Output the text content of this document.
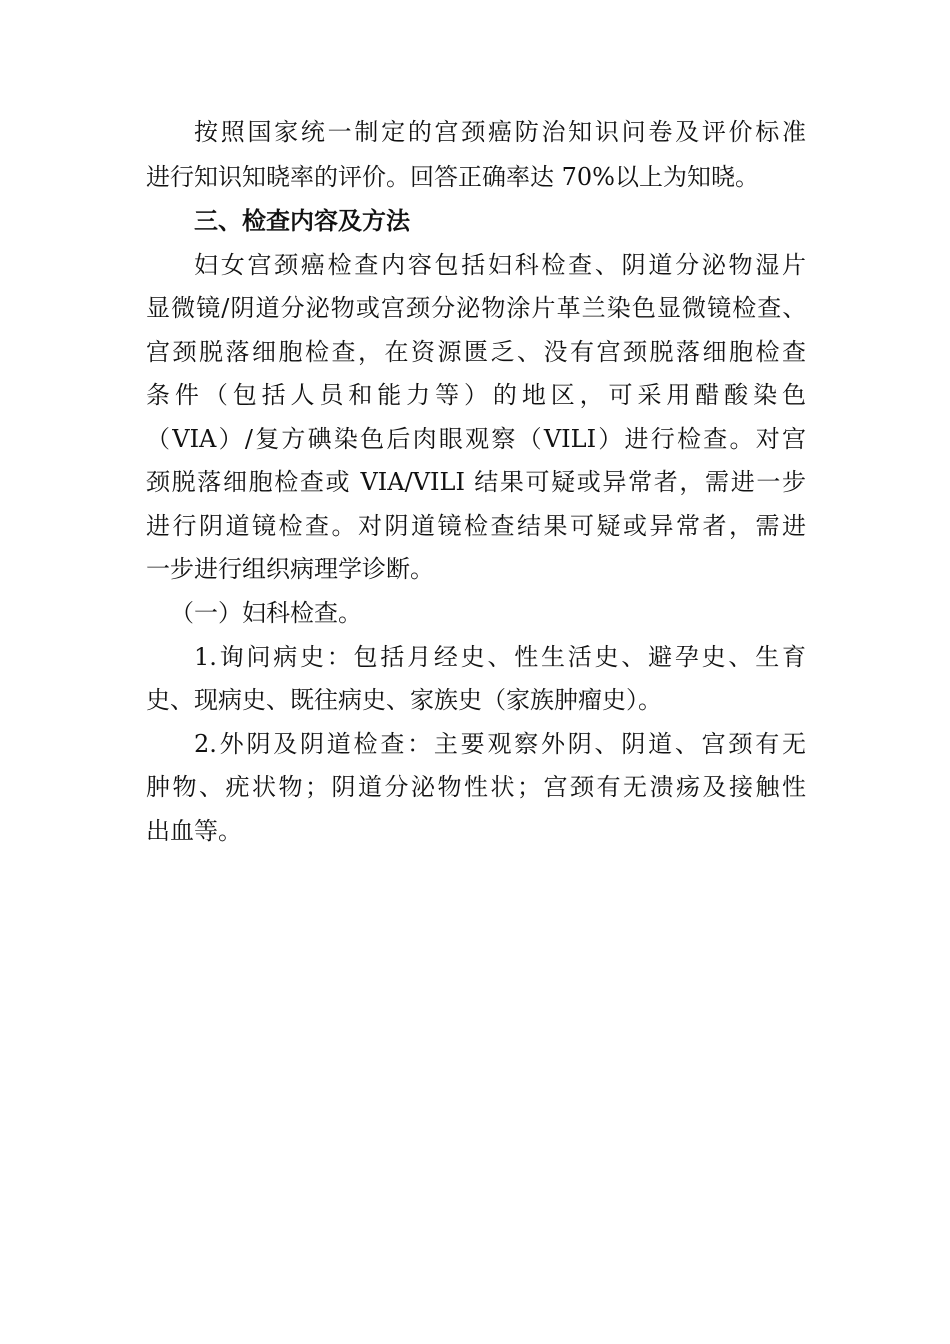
按照国家统一制定的宫颈癌防治知识问卷及评价标准
进行知识知晓率的评价。回答正确率达 70%以上为知晓。
三、检查内容及方法
妇女宫颈癌检查内容包括妇科检查、阴道分泌物湿片
显微镜/阴道分泌物或宫颈分泌物涂片革兰染色显微镜检查、
宫颈脱落细胞检查，在资源匮乏、没有宫颈脱落细胞检查
条件（包括人员和能力等）的地区，可采用醋酸染色
（VIA）/复方碘染色后肉眼观察（VILI）进行检查。对宫
颈脱落细胞检查或 VIA/VILI 结果可疑或异常者，需进一步
进行阴道镜检查。对阴道镜检查结果可疑或异常者，需进
一步进行组织病理学诊断。
（一）妇科检查。
1.询问病史：包括月经史、性生活史、避孕史、生育
史、现病史、既往病史、家族史（家族肿瘤史）。
2.外阴及阴道检查：主要观察外阴、阴道、宫颈有无
肿物、疣状物；阴道分泌物性状；宫颈有无溃疡及接触性
出血等。
